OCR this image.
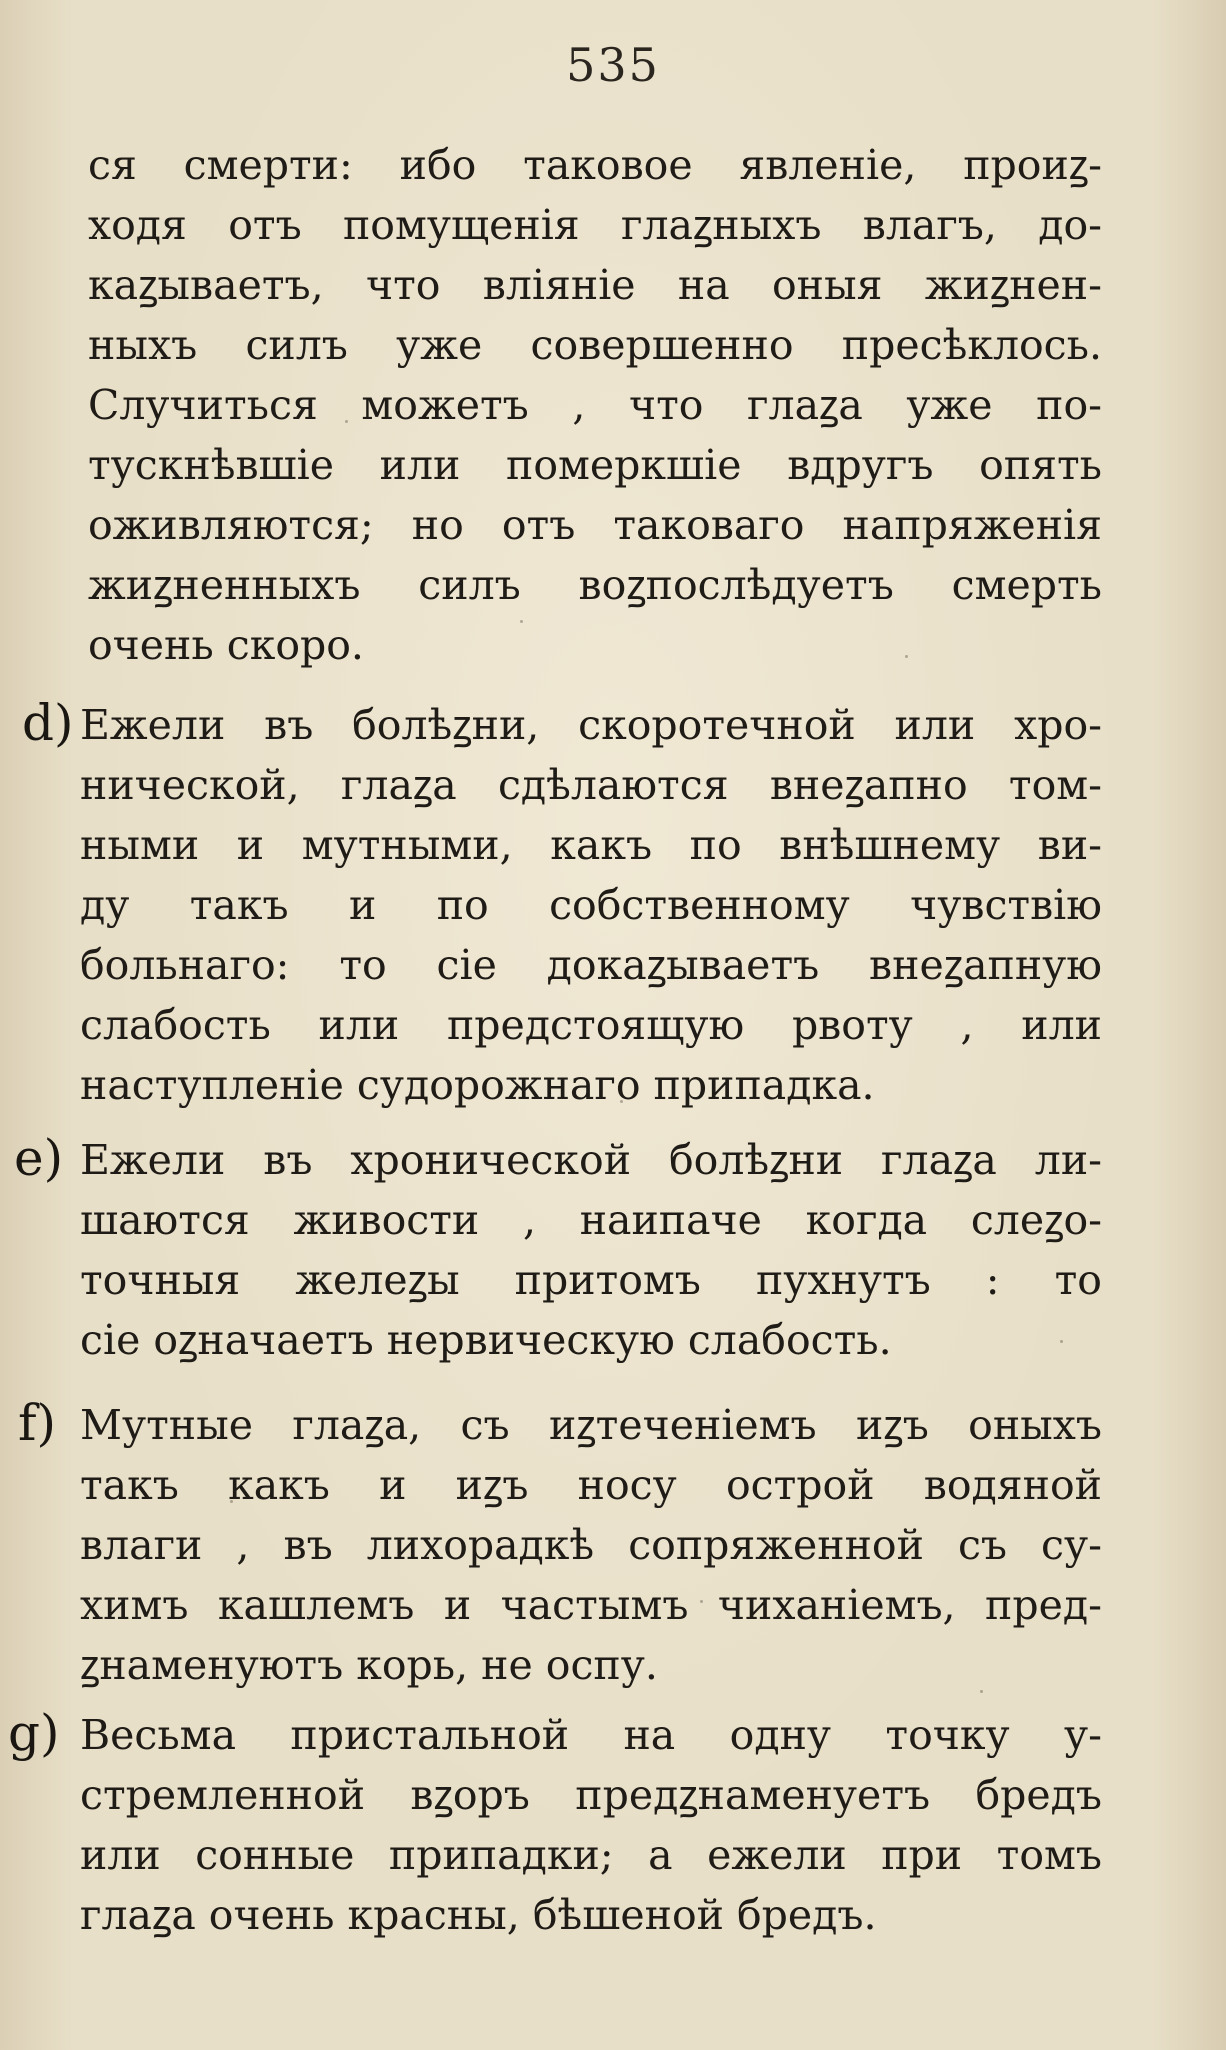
535
ся смерти: ибо таковое явленіе, проиꙁ-
ходя отъ помущенія глаꙁныхъ влагъ, до-
каꙁываетъ, что вліяніе на оныя жиꙁнен-
ныхъ силъ уже совершенно пресѣклось.
Случиться можетъ , что глаꙁа уже по-
тускнѣвшіе или померкшіе вдругъ опять
оживляются; но отъ таковаго напряженія
жиꙁненныхъ силъ воꙁпослѣдуетъ смерть
очень скоро.
d) Ежели въ болѣꙁни, скоротечной или хро-
нической, глаꙁа сдѣлаются внеꙁапно том-
ными и мутными, какъ по внѣшнему ви-
ду такъ и по собственному чувствію
больнаго: то сіе докаꙁываетъ внеꙁапную
слабость или предстоящую рвоту , или
наступленіе судорожнаго припадка.
e) Ежели въ хронической болѣꙁни глаꙁа ли-
шаются живости , наипаче когда слеꙁо-
точныя желеꙁы притомъ пухнутъ : то
сіе оꙁначаетъ нервическую слабость.
f) Мутные глаꙁа, съ иꙁтеченіемъ иꙁъ оныхъ
такъ какъ и иꙁъ носу острой водяной
влаги , въ лихорадкѣ сопряженной съ су-
химъ кашлемъ и частымъ чиханіемъ, пред-
ꙁнаменуютъ корь, не оспу.
g) Весьма пристальной на одну точку у-
стремленной вꙁоръ предꙁнаменуетъ бредъ
или сонные припадки; а ежели при томъ
глаꙁа очень красны, бѣшеной бредъ.
